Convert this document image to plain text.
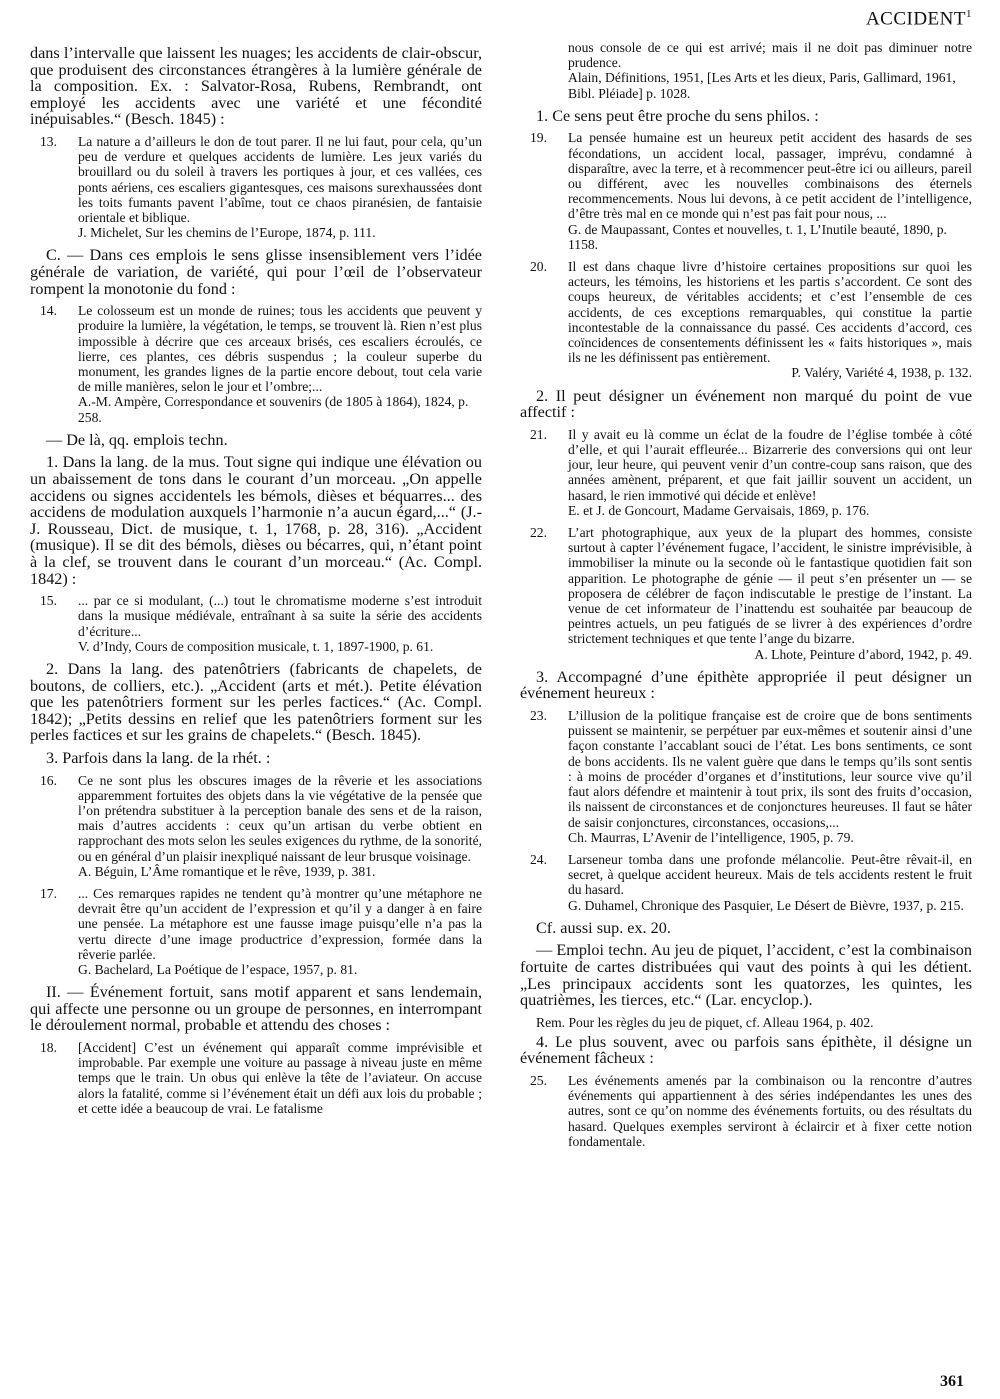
ACCIDENT$^1$

dans l’intervalle que laissent les nuages; les accidents de clair-obscur, que produisent des circonstances étrangères à la lumière générale de la composition. Ex. : Salvator-Rosa, Rubens, Rembrandt, ont employé les accidents avec une variété et une fécondité inépuisables.“ (Besch. 1845) :

13. La nature a d’ailleurs le don de tout parer. Il ne lui faut, pour cela, qu’un peu de verdure et quelques accidents de lumière. Les jeux variés du brouillard ou du soleil à travers les portiques à jour, et ces vallées, ces ponts aériens, ces escaliers gigantesques, ces maisons surexhaussées dont les toits fumants pavent l’abîme, tout ce chaos piranésien, de fantaisie orientale et biblique.
J. Michelet, Sur les chemins de l’Europe, 1874, p. 111.

C. — Dans ces emplois le sens glisse insensiblement vers l’idée générale de variation, de variété, qui pour l’œil de l’observateur rompent la monotonie du fond :

14. Le colosseum est un monde de ruines; tous les accidents que peuvent y produire la lumière, la végétation, le temps, se trouvent là. Rien n’est plus impossible à décrire que ces arceaux brisés, ces escaliers écroulés, ce lierre, ces plantes, ces débris suspendus ; la couleur superbe du monument, les grandes lignes de la partie encore debout, tout cela varie de mille manières, selon le jour et l’ombre;...
A.-M. Ampère, Correspondance et souvenirs (de 1805 à 1864), 1824, p. 258.

— De là, qq. emplois techn.

1. Dans la lang. de la mus. Tout signe qui indique une élévation ou un abaissement de tons dans le courant d’un morceau. „On appelle accidens ou signes accidentels les bémols, dièses et béquarres... des accidens de modulation auxquels l’harmonie n’a aucun égard,...“ (J.-J. Rousseau, Dict. de musique, t. 1, 1768, p. 28, 316). „Accident (musique). Il se dit des bémols, dièses ou bécarres, qui, n’étant point à la clef, se trouvent dans le courant d’un morceau.“ (Ac. Compl. 1842) :

15. ... par ce si modulant, (...) tout le chromatisme moderne s’est introduit dans la musique médiévale, entraînant à sa suite la série des accidents d’écriture...
V. d’Indy, Cours de composition musicale, t. 1, 1897-1900, p. 61.

2. Dans la lang. des patenôtriers (fabricants de chapelets, de boutons, de colliers, etc.). „Accident (arts et mét.). Petite élévation que les patenôtriers forment sur les perles factices.“ (Ac. Compl. 1842); „Petits dessins en relief que les patenôtriers forment sur les perles factices et sur les grains de chapelets.“ (Besch. 1845).

3. Parfois dans la lang. de la rhét. :

16. Ce ne sont plus les obscures images de la rêverie et les associations apparemment fortuites des objets dans la vie végétative de la pensée que l’on prétendra substituer à la perception banale des sens et de la raison, mais d’autres accidents : ceux qu’un artisan du verbe obtient en rapprochant des mots selon les seules exigences du rythme, de la sonorité, ou en général d’un plaisir inexpliqué naissant de leur brusque voisinage.
A. Béguin, L’Âme romantique et le rêve, 1939, p. 381.
17. ... Ces remarques rapides ne tendent qu’à montrer qu’une métaphore ne devrait être qu’un accident de l’expression et qu’il y a danger à en faire une pensée. La métaphore est une fausse image puisqu’elle n’a pas la vertu directe d’une image productrice d’expression, formée dans la rêverie parlée.
G. Bachelard, La Poétique de l’espace, 1957, p. 81.

II. — Événement fortuit, sans motif apparent et sans lendemain, qui affecte une personne ou un groupe de personnes, en interrompant le déroulement normal, probable et attendu des choses :

18. [Accident] C’est un événement qui apparaît comme imprévisible et improbable. Par exemple une voiture au passage à niveau juste en même temps que le train. Un obus qui enlève la tête de l’aviateur. On accuse alors la fatalité, comme si l’événement était un défi aux lois du probable ; et cette idée a beaucoup de vrai. Le fatalisme
nous console de ce qui est arrivé; mais il ne doit pas diminuer notre prudence.
Alain, Définitions, 1951, [Les Arts et les dieux, Paris, Gallimard, 1961, Bibl. Pléiade] p. 1028.

1. Ce sens peut être proche du sens philos. :

19. La pensée humaine est un heureux petit accident des hasards de ses fécondations, un accident local, passager, imprévu, condamné à disparaître, avec la terre, et à recommencer peut-être ici ou ailleurs, pareil ou différent, avec les nouvelles combinaisons des éternels recommencements. Nous lui devons, à ce petit accident de l’intelligence, d’être très mal en ce monde qui n’est pas fait pour nous, ...
G. de Maupassant, Contes et nouvelles, t. 1, L’Inutile beauté, 1890, p. 1158.
20. Il est dans chaque livre d’histoire certaines propositions sur quoi les acteurs, les témoins, les historiens et les partis s’accordent. Ce sont des coups heureux, de véritables accidents; et c’est l’ensemble de ces accidents, de ces exceptions remarquables, qui constitue la partie incontestable de la connaissance du passé. Ces accidents d’accord, ces coïncidences de consentements définissent les « faits historiques », mais ils ne les définissent pas entièrement.
P. Valéry, Variété 4, 1938, p. 132.

2. Il peut désigner un événement non marqué du point de vue affectif :

21. Il y avait eu là comme un éclat de la foudre de l’église tombée à côté d’elle, et qui l’aurait effleurée... Bizarrerie des conversions qui ont leur jour, leur heure, qui peuvent venir d’un contre-coup sans raison, que des années amènent, préparent, et que fait jaillir souvent un accident, un hasard, le rien immotivé qui décide et enlève!
E. et J. de Goncourt, Madame Gervaisais, 1869, p. 176.
22. L’art photographique, aux yeux de la plupart des hommes, consiste surtout à capter l’événement fugace, l’accident, le sinistre imprévisible, à immobiliser la minute ou la seconde où le fantastique quotidien fait son apparition. Le photographe de génie — il peut s’en présenter un — se proposera de célébrer de façon indiscutable le prestige de l’instant. La venue de cet informateur de l’inattendu est souhaitée par beaucoup de peintres actuels, un peu fatigués de se livrer à des expériences d’ordre strictement techniques et que tente l’ange du bizarre.
A. Lhote, Peinture d’abord, 1942, p. 49.

3. Accompagné d’une épithète appropriée il peut désigner un événement heureux :

23. L’illusion de la politique française est de croire que de bons sentiments puissent se maintenir, se perpétuer par eux-mêmes et soutenir ainsi d’une façon constante l’accablant souci de l’état. Les bons sentiments, ce sont de bons accidents. Ils ne valent guère que dans le temps qu’ils sont sentis : à moins de procéder d’organes et d’institutions, leur source vive qu’il faut alors défendre et maintenir à tout prix, ils sont des fruits d’occasion, ils naissent de circonstances et de conjonctures heureuses. Il faut se hâter de saisir conjonctures, circonstances, occasions,...
Ch. Maurras, L’Avenir de l’intelligence, 1905, p. 79.
24. Larseneur tomba dans une profonde mélancolie. Peut-être rêvait-il, en secret, à quelque accident heureux. Mais de tels accidents restent le fruit du hasard.
G. Duhamel, Chronique des Pasquier, Le Désert de Bièvre, 1937, p. 215.

Cf. aussi sup. ex. 20.

— Emploi techn. Au jeu de piquet, l’accident, c’est la combinaison fortuite de cartes distribuées qui vaut des points à qui les détient. „Les principaux accidents sont les quatorzes, les quintes, les quatrièmes, les tierces, etc.“ (Lar. encyclop.).

Rem. Pour les règles du jeu de piquet, cf. Alleau 1964, p. 402.

4. Le plus souvent, avec ou parfois sans épithète, il désigne un événement fâcheux :

25. Les événements amenés par la combinaison ou la rencontre d’autres événements qui appartiennent à des séries indépendantes les unes des autres, sont ce qu’on nomme des événements fortuits, ou des résultats du hasard. Quelques exemples serviront à éclaircir et à fixer cette notion fondamentale.
361
